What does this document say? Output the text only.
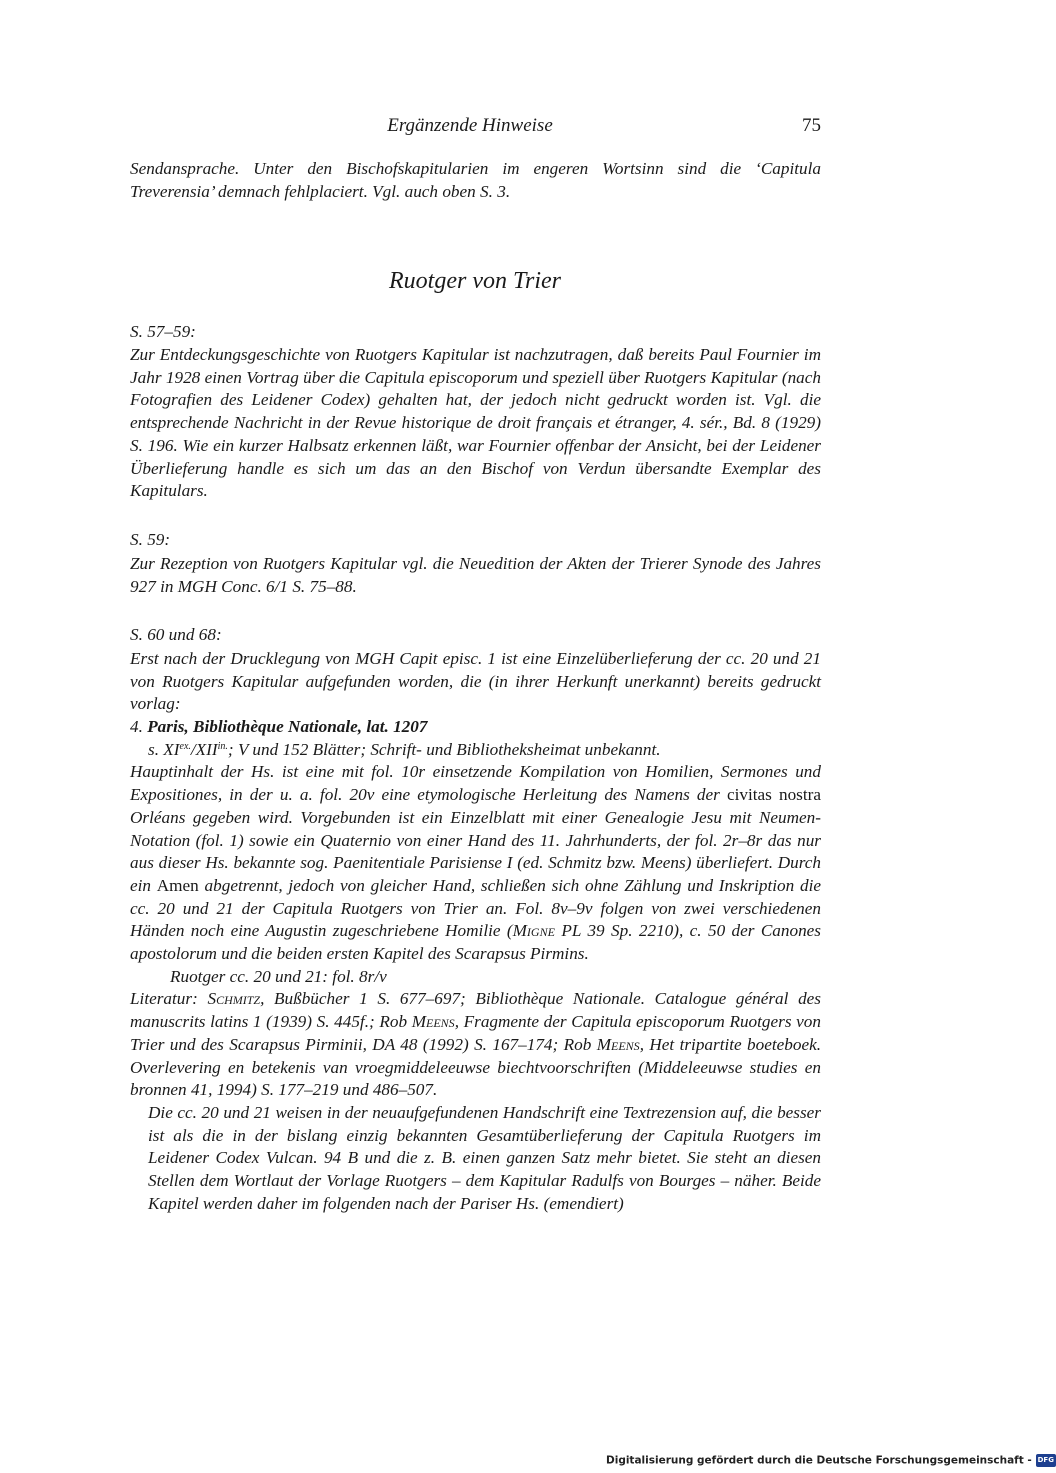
Ergänzende Hinweise	75
Sendansprache. Unter den Bischofskapitularien im engeren Wortsinn sind die ‘Capitula Treverensia’ demnach fehlplaciert. Vgl. auch oben S. 3.
Ruotger von Trier
S. 57–59:
Zur Entdeckungsgeschichte von Ruotgers Kapitular ist nachzutragen, daß bereits Paul Fournier im Jahr 1928 einen Vortrag über die Capitula episcoporum und speziell über Ruotgers Kapitular (nach Fotografien des Leidener Codex) gehalten hat, der jedoch nicht gedruckt worden ist. Vgl. die entsprechende Nachricht in der Revue historique de droit français et étranger, 4. sér., Bd. 8 (1929) S. 196. Wie ein kurzer Halbsatz erkennen läßt, war Fournier offenbar der Ansicht, bei der Leidener Überlieferung handle es sich um das an den Bischof von Verdun übersandte Exemplar des Kapitulars.
S. 59:
Zur Rezeption von Ruotgers Kapitular vgl. die Neuedition der Akten der Trierer Synode des Jahres 927 in MGH Conc. 6/1 S. 75–88.
S. 60 und 68:
Erst nach der Drucklegung von MGH Capit episc. 1 ist eine Einzelüberlieferung der cc. 20 und 21 von Ruotgers Kapitular aufgefunden worden, die (in ihrer Herkunft unerkannt) bereits gedruckt vorlag:
4. Paris, Bibliothèque Nationale, lat. 1207
s. $XI^{ex.}/XII^{in.}$; V und 152 Blätter; Schrift- und Bibliotheksheimat unbekannt.
Hauptinhalt der Hs. ist eine mit fol. 10r einsetzende Kompilation von Homilien, Sermones und Expositiones, in der u. a. fol. 20v eine etymologische Herleitung des Namens der civitas nostra Orléans gegeben wird. Vorgebunden ist ein Einzelblatt mit einer Genealogie Jesu mit Neumen-Notation (fol. 1) sowie ein Quaternio von einer Hand des 11. Jahrhunderts, der fol. 2r–8r das nur aus dieser Hs. bekannte sog. Paenitentiale Parisiense I (ed. Schmitz bzw. Meens) überliefert. Durch ein Amen abgetrennt, jedoch von gleicher Hand, schließen sich ohne Zählung und Inskription die cc. 20 und 21 der Capitula Ruotgers von Trier an. Fol. 8v–9v folgen von zwei verschiedenen Händen noch eine Augustin zugeschriebene Homilie (Migne PL 39 Sp. 2210), c. 50 der Canones apostolorum und die beiden ersten Kapitel des Scarapsus Pirmins.
Ruotger cc. 20 und 21: fol. 8r/v
Literatur: Schmitz, Bußbücher 1 S. 677–697; Bibliothèque Nationale. Catalogue général des manuscrits latins 1 (1939) S. 445f.; Rob Meens, Fragmente der Capitula episcoporum Ruotgers von Trier und des Scarapsus Pirminii, DA 48 (1992) S. 167–174; Rob Meens, Het tripartite boeteboek. Overlevering en betekenis van vroegmiddeleeuwse biechtvoorschriften (Middeleeuwse studies en bronnen 41, 1994) S. 177–219 und 486–507.
Die cc. 20 und 21 weisen in der neuaufgefundenen Handschrift eine Textrezension auf, die besser ist als die in der bislang einzig bekannten Gesamtüberlieferung der Capitula Ruotgers im Leidener Codex Vulcan. 94 B und die z. B. einen ganzen Satz mehr bietet. Sie steht an diesen Stellen dem Wortlaut der Vorlage Ruotgers – dem Kapitular Radulfs von Bourges – näher. Beide Kapitel werden daher im folgenden nach der Pariser Hs. (emendiert)
Digitalisierung gefördert durch die Deutsche Forschungsgemeinschaft - DFG
